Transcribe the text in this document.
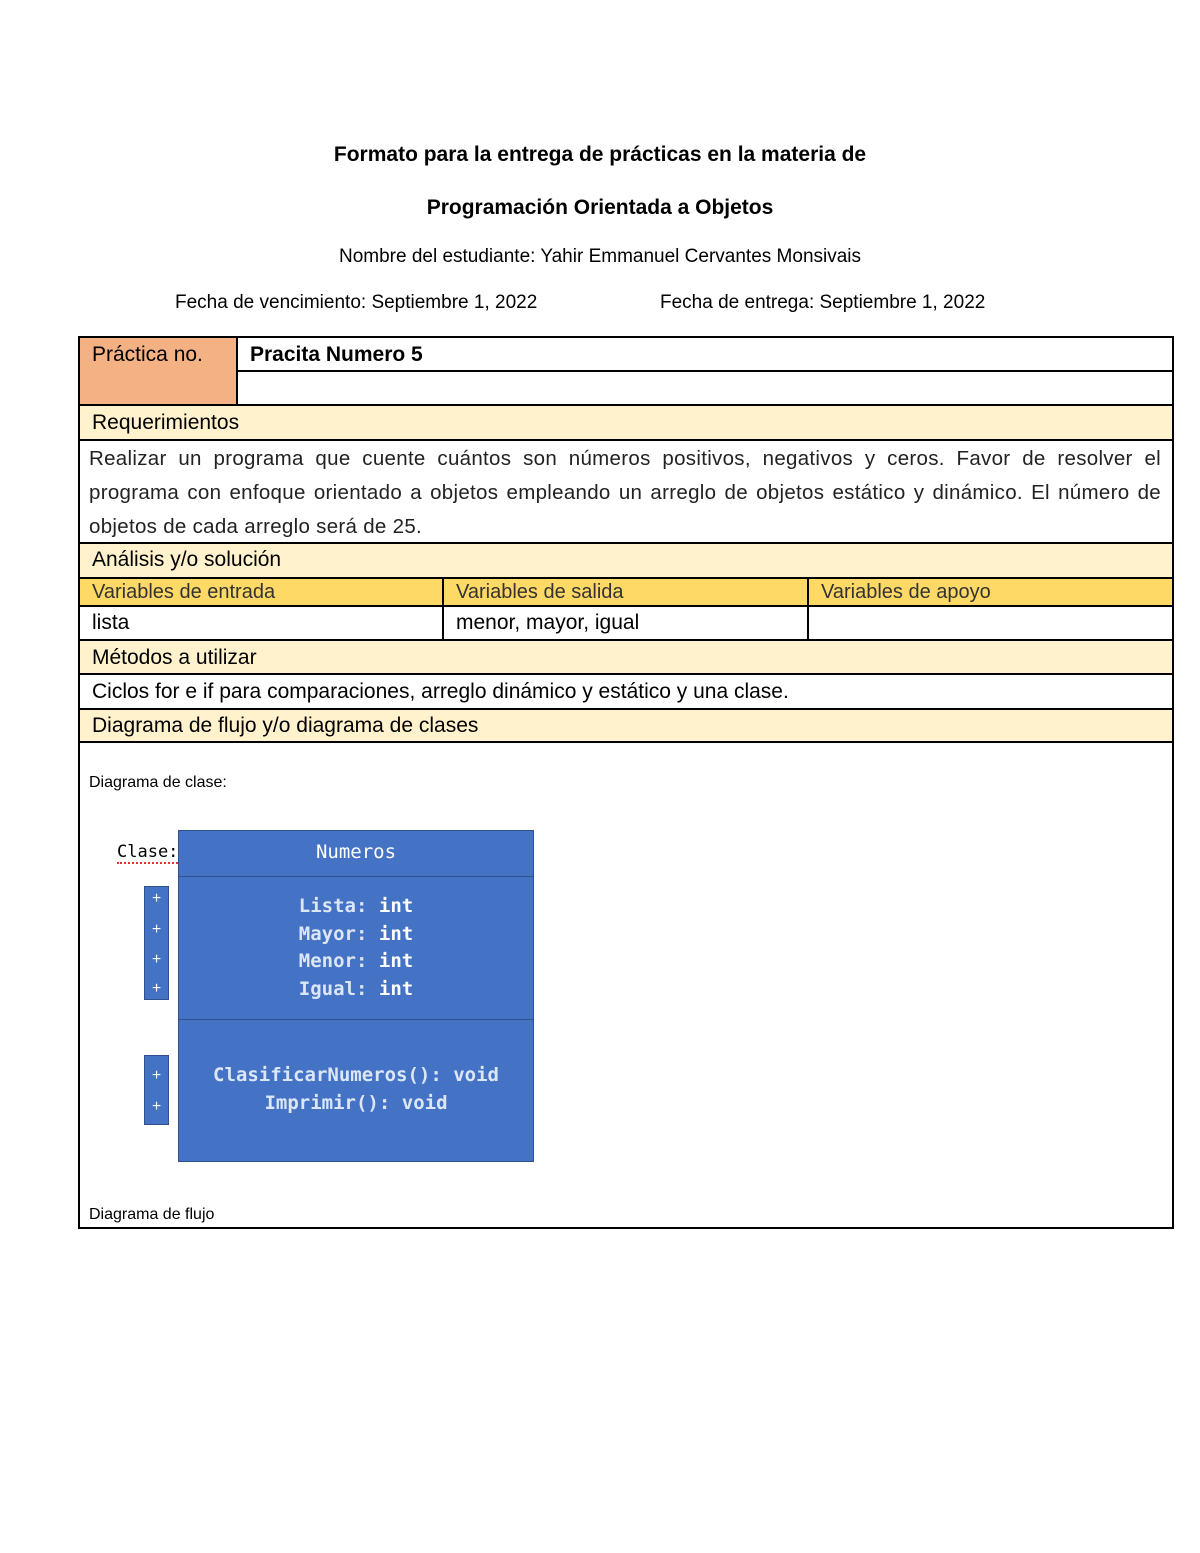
Formato para la entrega de prácticas en la materia de
Programación Orientada a Objetos
Nombre del estudiante: Yahir Emmanuel Cervantes Monsivais
Fecha de vencimiento: Septiembre 1, 2022	Fecha de entrega: Septiembre 1, 2022
Práctica no.	Pracita Numero 5
Requerimientos
Realizar un programa que cuente cuántos son números positivos, negativos y ceros. Favor de resolver el programa con enfoque orientado a objetos empleando un arreglo de objetos estático y dinámico. El número de objetos de cada arreglo será de 25.
Análisis y/o solución
Variables de entrada	Variables de salida	Variables de apoyo
lista	menor, mayor, igual
Métodos a utilizar
Ciclos for e if para comparaciones, arreglo dinámico y estático y una clase.
Diagrama de flujo y/o diagrama de clases
Diagrama de clase:
Clase:
+
+
+
+
+
+
Numeros
Lista: int
Mayor: int
Menor: int
Igual: int
ClasificarNumeros(): void
Imprimir(): void
Diagrama de flujo
